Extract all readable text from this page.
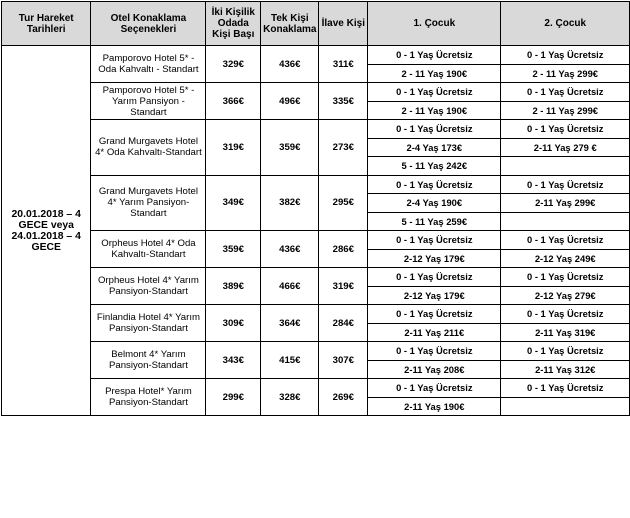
Tur Hareket Tarihleri	Otel Konaklama Seçenekleri	İki Kişilik Odada Kişi Başı	Tek Kişi Konaklama	İlave Kişi	1. Çocuk	2. Çocuk
20.01.2018 – 4 GECE veya 24.01.2018 – 4 GECE	Pamporovo Hotel 5* - Oda Kahvaltı - Standart	329€	436€	311€	0 - 1 Yaş Ücretsiz	0 - 1 Yaş Ücretsiz
					2 - 11 Yaş 190€	2 - 11 Yaş 299€
	Pamporovo Hotel 5* - Yarım Pansiyon - Standart	366€	496€	335€	0 - 1 Yaş Ücretsiz	0 - 1 Yaş Ücretsiz
					2 - 11 Yaş 190€	2 - 11 Yaş 299€
	Grand Murgavets Hotel 4* Oda Kahvaltı-Standart	319€	359€	273€	0 - 1 Yaş Ücretsiz	0 - 1 Yaş Ücretsiz
					2-4 Yaş 173€	2-11 Yaş 279 €
					5 - 11 Yaş 242€	
	Grand Murgavets Hotel 4* Yarım Pansiyon-Standart	349€	382€	295€	0 - 1 Yaş Ücretsiz	0 - 1 Yaş Ücretsiz
					2-4 Yaş 190€	2-11 Yaş 299€
					5 - 11 Yaş 259€	
	Orpheus Hotel 4* Oda Kahvaltı-Standart	359€	436€	286€	0 - 1 Yaş Ücretsiz	0 - 1 Yaş Ücretsiz
					2-12 Yaş 179€	2-12 Yaş 249€
	Orpheus Hotel 4* Yarım Pansiyon-Standart	389€	466€	319€	0 - 1 Yaş Ücretsiz	0 - 1 Yaş Ücretsiz
					2-12 Yaş 179€	2-12 Yaş 279€
	Finlandia Hotel 4* Yarım Pansiyon-Standart	309€	364€	284€	0 - 1 Yaş Ücretsiz	0 - 1 Yaş Ücretsiz
					2-11 Yaş 211€	2-11 Yaş 319€
	Belmont 4* Yarım Pansiyon-Standart	343€	415€	307€	0 - 1 Yaş Ücretsiz	0 - 1 Yaş Ücretsiz
					2-11 Yaş 208€	2-11 Yaş 312€
	Prespa Hotel* Yarım Pansiyon-Standart	299€	328€	269€	0 - 1 Yaş Ücretsiz	0 - 1 Yaş Ücretsiz
					2-11 Yaş 190€	
